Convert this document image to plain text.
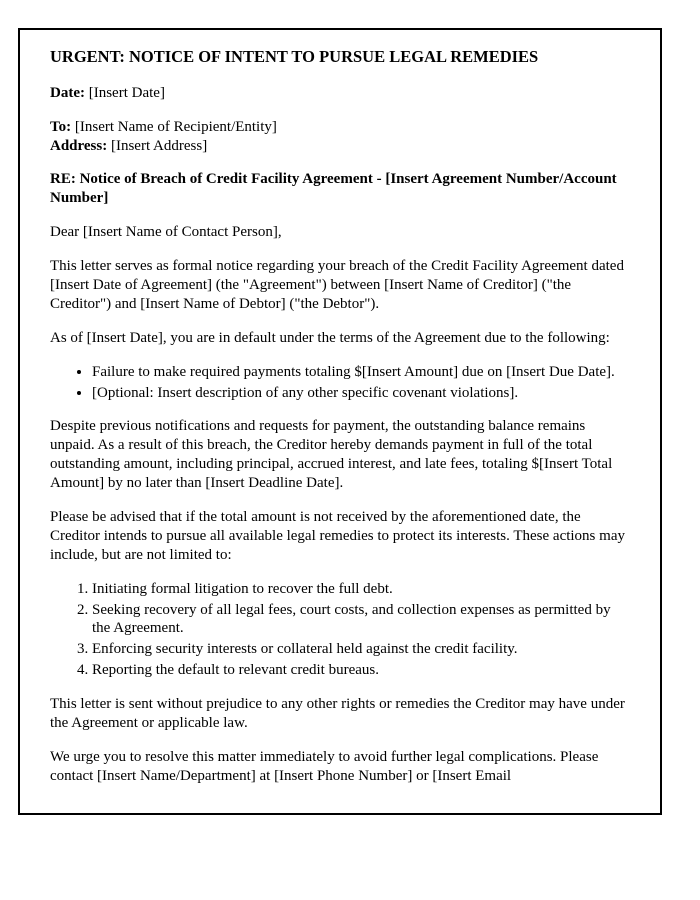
URGENT: NOTICE OF INTENT TO PURSUE LEGAL REMEDIES

Date: [Insert Date]

To: [Insert Name of Recipient/Entity]

Address: [Insert Address]

RE: Notice of Breach of Credit Facility Agreement - [Insert Agreement Number/Account Number]

Dear [Insert Name of Contact Person],

This letter serves as formal notice regarding your breach of the Credit Facility Agreement dated [Insert Date of Agreement] (the "Agreement") between [Insert Name of Creditor] ("the Creditor") and [Insert Name of Debtor] ("the Debtor").

As of [Insert Date], you are in default under the terms of the Agreement due to the following:

• Failure to make required payments totaling $[Insert Amount] due on [Insert Due Date].
• [Optional: Insert description of any other specific covenant violations].

Despite previous notifications and requests for payment, the outstanding balance remains unpaid. As a result of this breach, the Creditor hereby demands payment in full of the total outstanding amount, including principal, accrued interest, and late fees, totaling $[Insert Total Amount] by no later than [Insert Deadline Date].

Please be advised that if the total amount is not received by the aforementioned date, the Creditor intends to pursue all available legal remedies to protect its interests. These actions may include, but are not limited to:

1. Initiating formal litigation to recover the full debt.
2. Seeking recovery of all legal fees, court costs, and collection expenses as permitted by the Agreement.
3. Enforcing security interests or collateral held against the credit facility.
4. Reporting the default to relevant credit bureaus.

This letter is sent without prejudice to any other rights or remedies the Creditor may have under the Agreement or applicable law.

We urge you to resolve this matter immediately to avoid further legal complications. Please contact [Insert Name/Department] at [Insert Phone Number] or [Insert Email
